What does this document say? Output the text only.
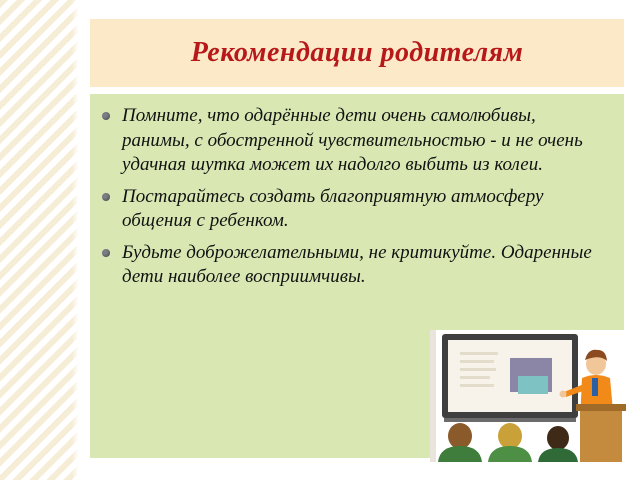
Рекомендации родителям
Помните, что одарённые дети очень самолюбивы, ранимы, с обостренной чувствительностью - и не очень удачная шутка может их надолго выбить из колеи.
Постарайтесь создать благоприятную атмосферу общения с ребенком.
Будьте доброжелательными, не критикуйте. Одаренные дети наиболее восприимчивы.
